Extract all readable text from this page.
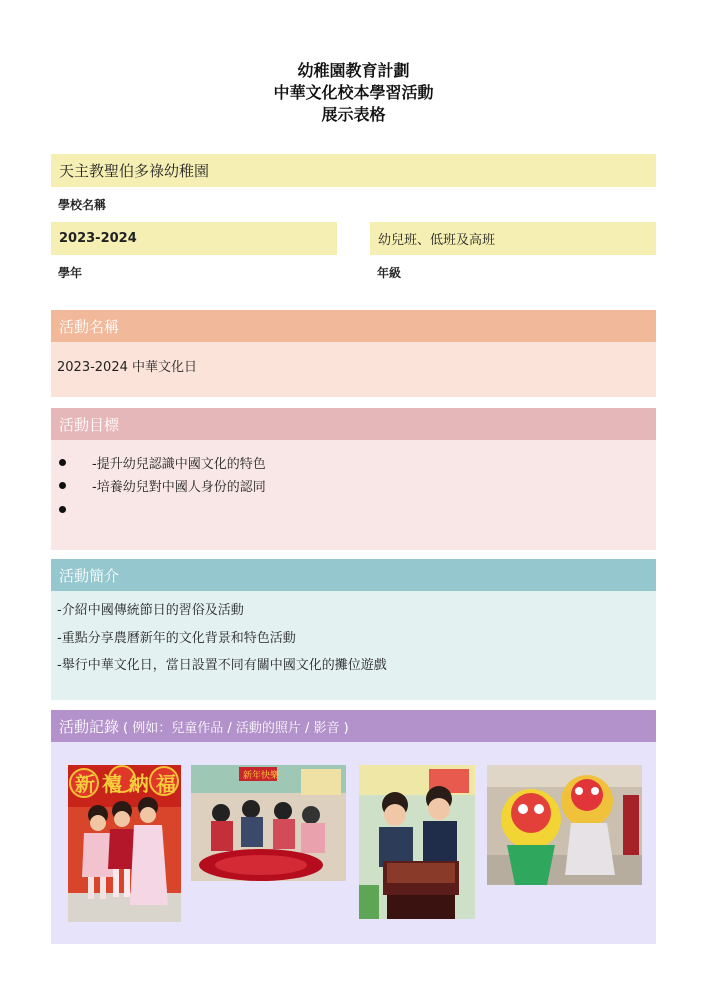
幼稚園教育計劃
中華文化校本學習活動
展示表格
天主教聖伯多祿幼稚園
學校名稱
2023-2024
學年
幼兒班、低班及高班
年級
活動名稱
2023-2024 中華文化日
活動目標
-提升幼兒認識中國文化的特色
-培養幼兒對中國人身份的認同
活動簡介
-介紹中國傳統節日的習俗及活動
-重點分享農曆新年的文化背景和特色活動
-舉行中華文化日，當日設置不同有關中國文化的攤位遊戲
活動記錄 ( 例如：兒童作品 / 活動的照片 / 影音 )
新 禧 納 福	新年快樂
